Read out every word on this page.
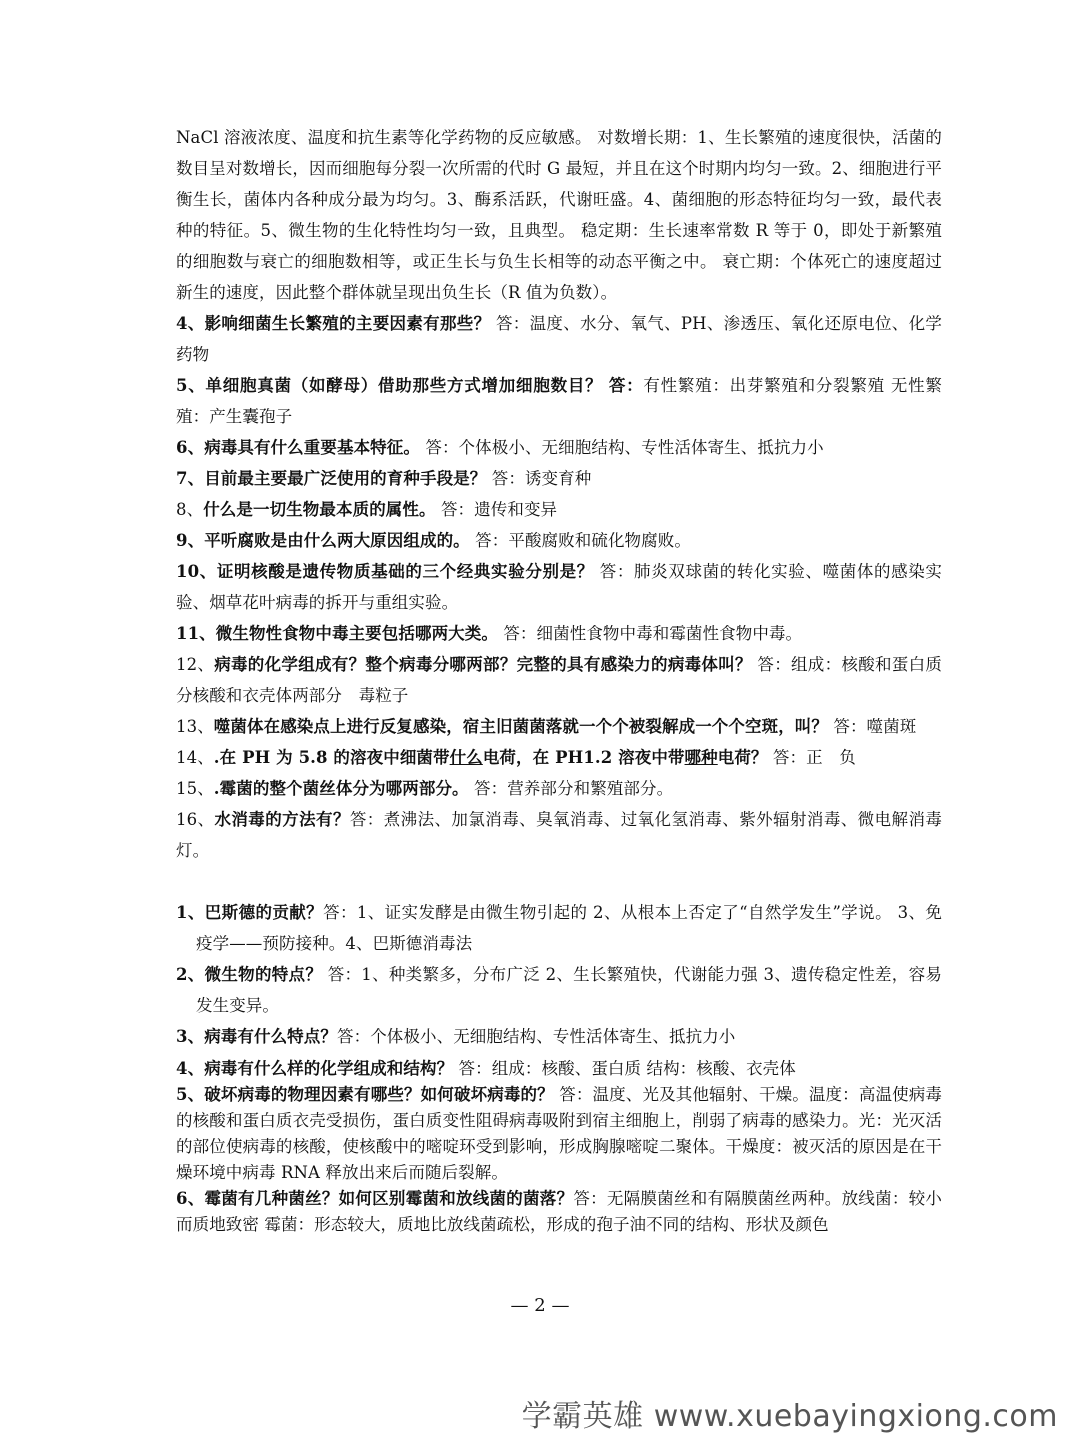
NaCl 溶液浓度、温度和抗生素等化学药物的反应敏感。 对数增长期：1、生长繁殖的速度很快，活菌的数目呈对数增长，因而细胞每分裂一次所需的代时 G 最短，并且在这个时期内均匀一致。2、细胞进行平衡生长，菌体内各种成分最为均匀。3、酶系活跃，代谢旺盛。4、菌细胞的形态特征均匀一致，最代表种的特征。5、微生物的生化特性均匀一致，且典型。 稳定期：生长速率常数 R 等于 0，即处于新繁殖的细胞数与衰亡的细胞数相等，或正生长与负生长相等的动态平衡之中。 衰亡期：个体死亡的速度超过新生的速度，因此整个群体就呈现出负生长（R 值为负数）。

4、影响细菌生长繁殖的主要因素有那些？ 答：温度、水分、氧气、PH、渗透压、氧化还原电位、化学药物

5、单细胞真菌（如酵母）借助那些方式增加细胞数目？ 答：有性繁殖：出芽繁殖和分裂繁殖 无性繁殖：产生囊孢子

6、病毒具有什么重要基本特征。 答：个体极小、无细胞结构、专性活体寄生、抵抗力小

7、目前最主要最广泛使用的育种手段是？ 答：诱变育种

8、什么是一切生物最本质的属性。 答：遗传和变异

9、平听腐败是由什么两大原因组成的。 答：平酸腐败和硫化物腐败。

10、证明核酸是遗传物质基础的三个经典实验分别是？ 答：肺炎双球菌的转化实验、噬菌体的感染实验、烟草花叶病毒的拆开与重组实验。

11、微生物性食物中毒主要包括哪两大类。 答：细菌性食物中毒和霉菌性食物中毒。

12、病毒的化学组成有？整个病毒分哪两部？完整的具有感染力的病毒体叫？ 答：组成：核酸和蛋白质 分核酸和衣壳体两部分　毒粒子

13、噬菌体在感染点上进行反复感染，宿主旧菌菌落就一个个被裂解成一个个空斑，叫？ 答：噬菌斑

14、.在 PH 为 5.8 的溶夜中细菌带什么电荷，在 PH1.2 溶夜中带哪种电荷？ 答：正　负

15、.霉菌的整个菌丝体分为哪两部分。 答：营养部分和繁殖部分。

16、水消毒的方法有？答：煮沸法、加氯消毒、臭氧消毒、过氧化氢消毒、紫外辐射消毒、微电解消毒灯。

1、巴斯德的贡献？答：1、证实发酵是由微生物引起的 2、从根本上否定了“自然学发生”学说。 3、免疫学——预防接种。4、巴斯德消毒法

2、微生物的特点？ 答：1、种类繁多，分布广泛 2、生长繁殖快，代谢能力强 3、遗传稳定性差，容易发生变异。

3、病毒有什么特点？答：个体极小、无细胞结构、专性活体寄生、抵抗力小

4、病毒有什么样的化学组成和结构？ 答：组成：核酸、蛋白质 结构：核酸、衣壳体

5、破坏病毒的物理因素有哪些？如何破坏病毒的？ 答：温度、光及其他辐射、干燥。温度：高温使病毒的核酸和蛋白质衣壳受损伤，蛋白质变性阻碍病毒吸附到宿主细胞上，削弱了病毒的感染力。光：光灭活的部位使病毒的核酸，使核酸中的嘧啶环受到影响，形成胸腺嘧啶二聚体。干燥度：被灭活的原因是在干燥环境中病毒 RNA 释放出来后而随后裂解。

6、霉菌有几种菌丝？如何区别霉菌和放线菌的菌落？答：无隔膜菌丝和有隔膜菌丝两种。放线菌：较小而质地致密 霉菌：形态较大，质地比放线菌疏松，形成的孢子油不同的结构、形状及颜色

— 2 —
学霸英雄 www.xuebayingxiong.com
